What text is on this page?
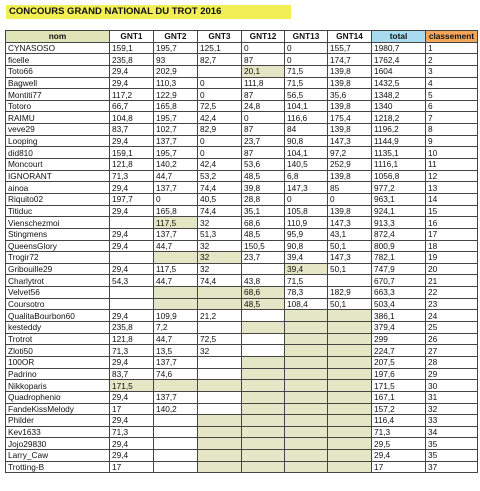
CONCOURS GRAND NATIONAL DU TROT 2016
nom	GNT1	GNT2	GNT3	GNT12	GNT13	GNT14	total	classement
CYNASOSO	159,1	195,7	125,1	0	0	155,7	1980,7	1
ficelle	235,8	93	82,7	87	0	174,7	1762,4	2
Toto66	29,4	202,9		20,1	71,5	139,8	1604	3
Bagwell	29,4	110,3	0	111,8	71,5	139,8	1432,5	4
Montiti77	117,2	122,9	0	87	56,5	35,6	1348,2	5
Totoro	66,7	165,8	72,5	24,8	104,1	139,8	1340	6
RAIMU	104,8	195,7	42,4	0	116,6	175,4	1218,2	7
veve29	83,7	102,7	82,9	87	84	139,8	1196,2	8
Looping	29,4	137,7	0	23,7	90,8	147,3	1144,9	9
did810	159,1	195,7	0	87	104,1	97,2	1135,1	10
Moncourt	121,8	140,2	42,4	53,6	140,5	252,9	1116,1	11
IGNORANT	71,3	44,7	53,2	48,5	6,8	139,8	1056,8	12
ainoa	29,4	137,7	74,4	39,8	147,3	85	977,2	13
Riquito02	197,7	0	40,5	28,8	0	0	963,1	14
Titiduc	29,4	165,8	74,4	35,1	105,8	139,8	924,1	15
Vienschezmoi		117,5	32	68,6	110,9	147,3	913,3	16
Stingmens	29,4	137,7	51,3	48,5	95,9	43,1	872,4	17
QueensGlory	29,4	44,7	32	150,5	90,8	50,1	800,9	18
Trogir72			32	23,7	39,4	147,3	782,1	19
Gribouille29	29,4	117,5	32		39,4	50,1	747,9	20
Charlytrot	54,3	44,7	74,4	43,8	71,5		670,7	21
Velvet56				68,6	78,3	182,9	663,3	22
Coursotro				48,5	108,4	50,1	503,4	23
QualitaBourbon60	29,4	109,9	21,2				386,1	24
kesteddy	235,8	7,2					379,4	25
Trotrot	121,8	44,7	72,5				299	26
Zloti50	71,3	13,5	32				224,7	27
100OR	29,4	137,7					207,5	28
Padrino	83,7	74,6					197,6	29
Nikkoparis	171,5						171,5	30
Quadrophenio	29,4	137,7					167,1	31
FandeKissMelody	17	140,2					157,2	32
Philder	29,4						116,4	33
Kev1633	71,3						71,3	34
Jojo29830	29,4						29,5	35
Larry_Caw	29,4						29,4	35
Trotting-B	17						17	37
